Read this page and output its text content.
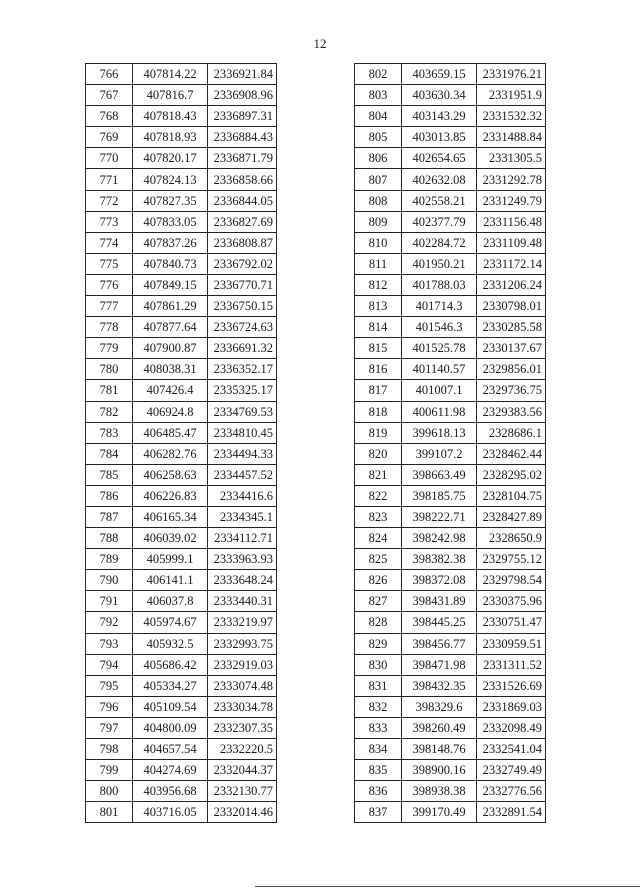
12
766	407814.22	2336921.84
767	407816.7	2336908.96
768	407818.43	2336897.31
769	407818.93	2336884.43
770	407820.17	2336871.79
771	407824.13	2336858.66
772	407827.35	2336844.05
773	407833.05	2336827.69
774	407837.26	2336808.87
775	407840.73	2336792.02
776	407849.15	2336770.71
777	407861.29	2336750.15
778	407877.64	2336724.63
779	407900.87	2336691.32
780	408038.31	2336352.17
781	407426.4	2335325.17
782	406924.8	2334769.53
783	406485.47	2334810.45
784	406282.76	2334494.33
785	406258.63	2334457.52
786	406226.83	2334416.6
787	406165.34	2334345.1
788	406039.02	2334112.71
789	405999.1	2333963.93
790	406141.1	2333648.24
791	406037.8	2333440.31
792	405974.67	2333219.97
793	405932.5	2332993.75
794	405686.42	2332919.03
795	405334.27	2333074.48
796	405109.54	2333034.78
797	404800.09	2332307.35
798	404657.54	2332220.5
799	404274.69	2332044.37
800	403956.68	2332130.77
801	403716.05	2332014.46
802	403659.15	2331976.21
803	403630.34	2331951.9
804	403143.29	2331532.32
805	403013.85	2331488.84
806	402654.65	2331305.5
807	402632.08	2331292.78
808	402558.21	2331249.79
809	402377.79	2331156.48
810	402284.72	2331109.48
811	401950.21	2331172.14
812	401788.03	2331206.24
813	401714.3	2330798.01
814	401546.3	2330285.58
815	401525.78	2330137.67
816	401140.57	2329856.01
817	401007.1	2329736.75
818	400611.98	2329383.56
819	399618.13	2328686.1
820	399107.2	2328462.44
821	398663.49	2328295.02
822	398185.75	2328104.75
823	398222.71	2328427.89
824	398242.98	2328650.9
825	398382.38	2329755.12
826	398372.08	2329798.54
827	398431.89	2330375.96
828	398445.25	2330751.47
829	398456.77	2330959.51
830	398471.98	2331311.52
831	398432.35	2331526.69
832	398329.6	2331869.03
833	398260.49	2332098.49
834	398148.76	2332541.04
835	398900.16	2332749.49
836	398938.38	2332776.56
837	399170.49	2332891.54
